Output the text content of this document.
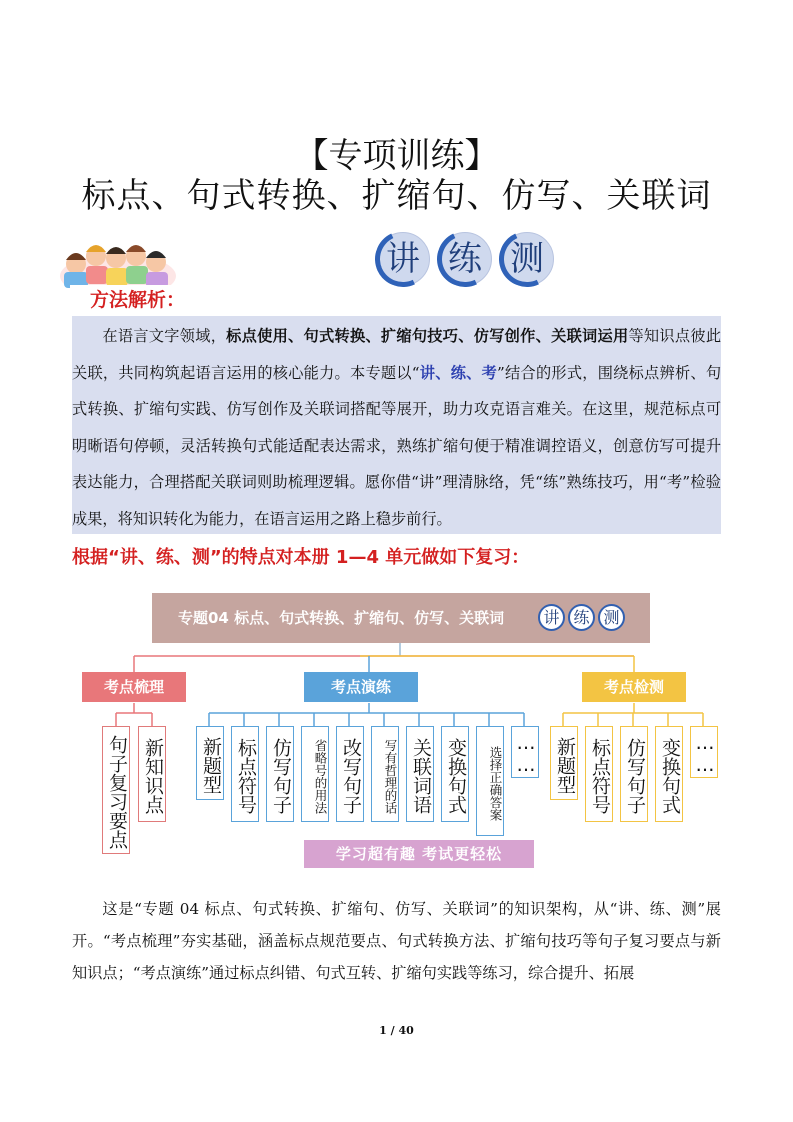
【专项训练】
标点、句式转换、扩缩句、仿写、关联词
讲 练 测
方法解析：

在语言文字领域，标点使用、句式转换、扩缩句技巧、仿写创作、关联词运用等知识点彼此关联，共同构筑起语言运用的核心能力。本专题以“讲、练、考”结合的形式，围绕标点辨析、句式转换、扩缩句实践、仿写创作及关联词搭配等展开，助力攻克语言难关。在这里，规范标点可明晰语句停顿，灵活转换句式能适配表达需求，熟练扩缩句便于精准调控语义，创意仿写可提升表达能力，合理搭配关联词则助梳理逻辑。愿你借“讲”理清脉络，凭“练”熟练技巧，用“考”检验成果，将知识转化为能力，在语言运用之路上稳步前行。

根据“讲、练、测”的特点对本册 1—4 单元做如下复习：
专题04 标点、句式转换、扩缩句、仿写、关联词	讲 练 测
考点梳理	考点演练	考点检测
句子复习要点 新知识点 新题型 标点符号 仿写句子	省略号的用法 改写句子	写有哲理的话 关联词语 变换句式	选择正确答案 …… 新题型 标点符号 仿写句子 变换句式 ……
学习超有趣 考试更轻松

这是“专题 04 标点、句式转换、扩缩句、仿写、关联词”的知识架构，从“讲、练、测”展开。“考点梳理”夯实基础，涵盖标点规范要点、句式转换方法、扩缩句技巧等句子复习要点与新知识点；“考点演练”通过标点纠错、句式互转、扩缩句实践等练习，综合提升、拓展

1 / 40
